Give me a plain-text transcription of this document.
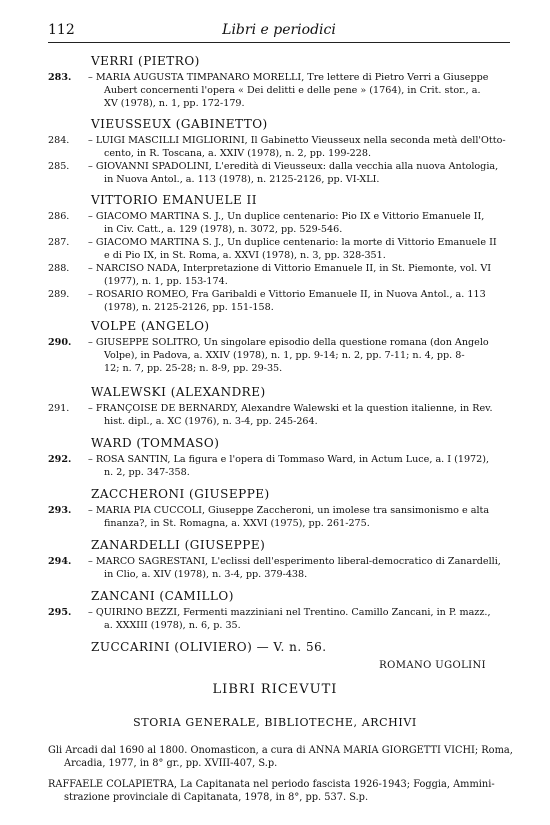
112	Libri e periodici
VERRI (PIETRO)
283.	– MARIA AUGUSTA TIMPANARO MORELLI, Tre lettere di Pietro Verri a Giuseppe
Aubert concernenti l'opera « Dei delitti e delle pene » (1764), in Crit. stor., a.
XV (1978), n. 1, pp. 172-179.
VIEUSSEUX (GABINETTO)
284.	– LUIGI MASCILLI MIGLIORINI, Il Gabinetto Vieusseux nella seconda metà dell'Otto-
cento, in R. Toscana, a. XXIV (1978), n. 2, pp. 199-228.
285.	– GIOVANNI SPADOLINI, L'eredità di Vieusseux: dalla vecchia alla nuova Antologia,
in Nuova Antol., a. 113 (1978), n. 2125-2126, pp. VI-XLI.
VITTORIO EMANUELE II
286.	– GIACOMO MARTINA S. J., Un duplice centenario: Pio IX e Vittorio Emanuele II,
in Civ. Catt., a. 129 (1978), n. 3072, pp. 529-546.
287.	– GIACOMO MARTINA S. J., Un duplice centenario: la morte di Vittorio Emanuele II
e di Pio IX, in St. Roma, a. XXVI (1978), n. 3, pp. 328-351.
288.	– NARCISO NADA, Interpretazione di Vittorio Emanuele II, in St. Piemonte, vol. VI
(1977), n. 1, pp. 153-174.
289.	– ROSARIO ROMEO, Fra Garibaldi e Vittorio Emanuele II, in Nuova Antol., a. 113
(1978), n. 2125-2126, pp. 151-158.
VOLPE (ANGELO)
290.	– GIUSEPPE SOLITRO, Un singolare episodio della questione romana (don Angelo
Volpe), in Padova, a. XXIV (1978), n. 1, pp. 9-14; n. 2, pp. 7-11; n. 4, pp. 8-
12; n. 7, pp. 25-28; n. 8-9, pp. 29-35.
WALEWSKI (ALEXANDRE)
291.	– FRANÇOISE DE BERNARDY, Alexandre Walewski et la question italienne, in Rev.
hist. dipl., a. XC (1976), n. 3-4, pp. 245-264.
WARD (TOMMASO)
292.	– ROSA SANTIN, La figura e l'opera di Tommaso Ward, in Actum Luce, a. I (1972),
n. 2, pp. 347-358.
ZACCHERONI (GIUSEPPE)
293.	– MARIA PIA CUCCOLI, Giuseppe Zaccheroni, un imolese tra sansimonismo e alta
finanza?, in St. Romagna, a. XXVI (1975), pp. 261-275.
ZANARDELLI (GIUSEPPE)
294.	– MARCO SAGRESTANI, L'eclissi dell'esperimento liberal-democratico di Zanardelli,
in Clio, a. XIV (1978), n. 3-4, pp. 379-438.
ZANCANI (CAMILLO)
295.	– QUIRINO BEZZI, Fermenti mazziniani nel Trentino. Camillo Zancani, in P. mazz.,
a. XXXIII (1978), n. 6, p. 35.
ZUCCARINI (OLIVIERO) — V. n. 56.
ROMANO UGOLINI
LIBRI RICEVUTI
STORIA GENERALE, BIBLIOTECHE, ARCHIVI
Gli Arcadi dal 1690 al 1800. Onomasticon, a cura di ANNA MARIA GIORGETTI VICHI; Roma,
Arcadia, 1977, in 8° gr., pp. XVIII-407, S.p.
RAFFAELE COLAPIETRA, La Capitanata nel periodo fascista 1926-1943; Foggia, Ammini-
strazione provinciale di Capitanata, 1978, in 8°, pp. 537. S.p.
